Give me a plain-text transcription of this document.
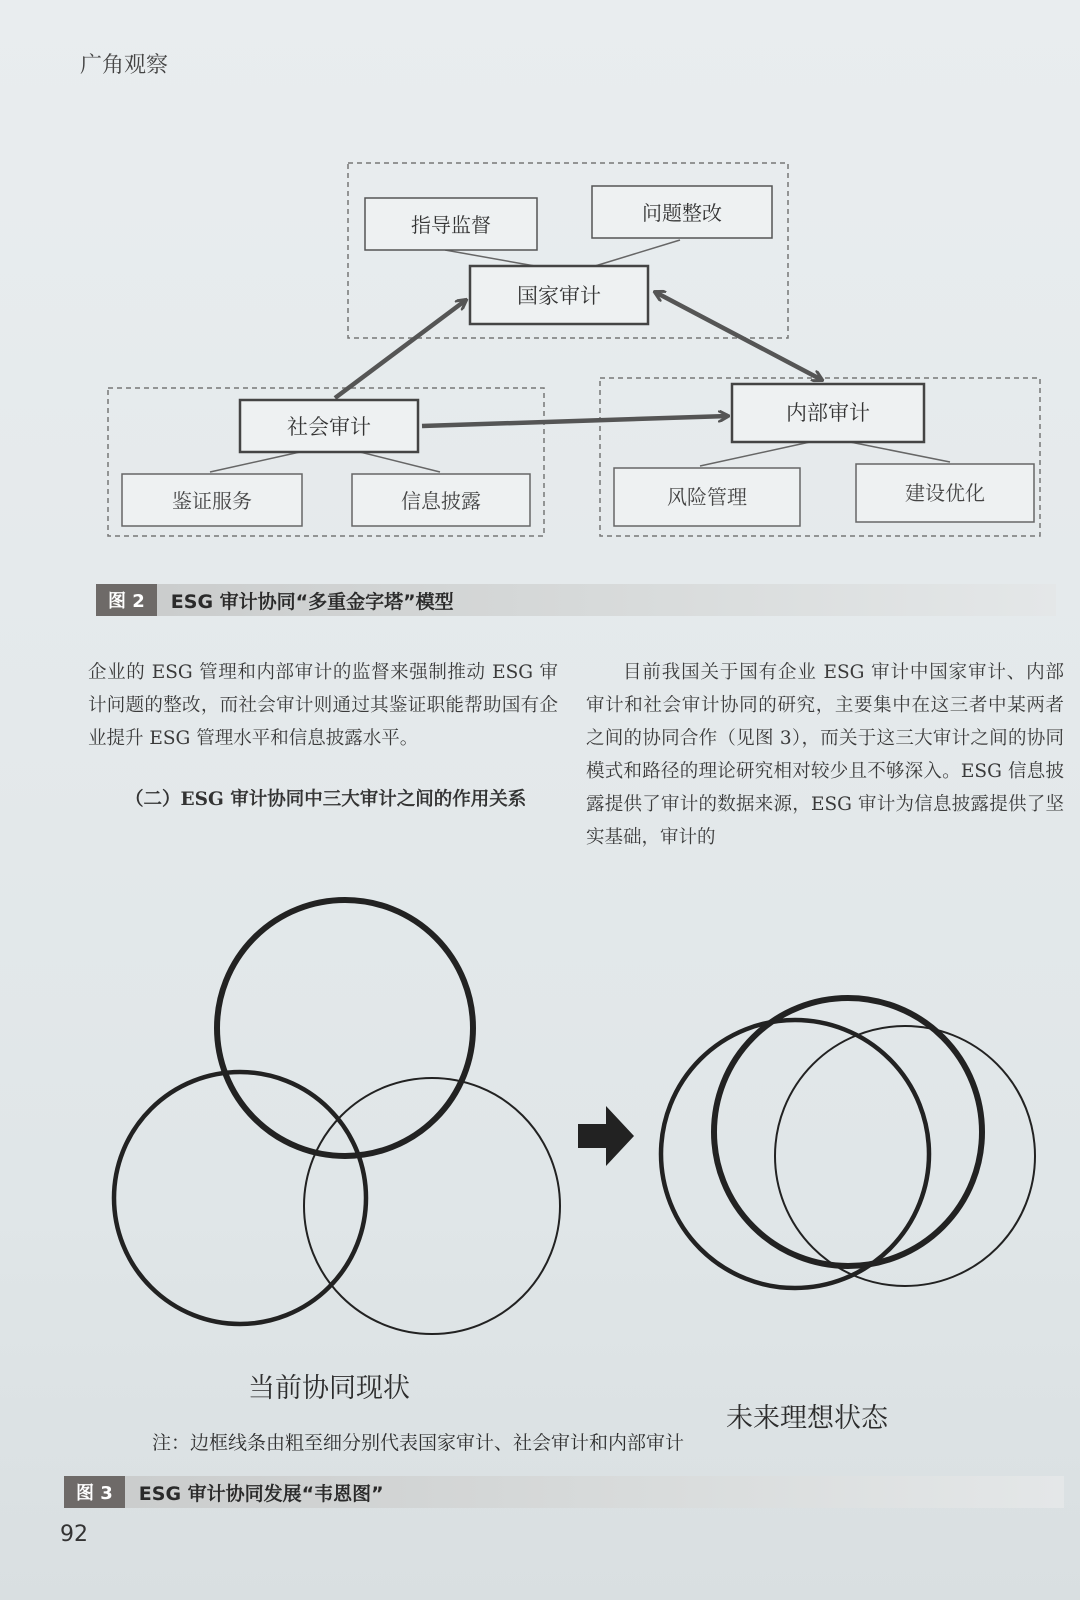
广角观察
指导监督	问题整改
国家审计
社会审计
内部审计
鉴证服务	信息披露	风险管理	建设优化
图 2	ESG 审计协同“多重金字塔”模型

企业的 ESG 管理和内部审计的监督来强制推动 ESG 审计问题的整改，而社会审计则通过其鉴证职能帮助国有企业提升 ESG 管理水平和信息披露水平。

（二）ESG 审计协同中三大审计之间的作用关系

目前我国关于国有企业 ESG 审计中国家审计、内部审计和社会审计协同的研究，主要集中在这三者中某两者之间的协同合作（见图 3），而关于这三大审计之间的协同模式和路径的理论研究相对较少且不够深入。ESG 信息披露提供了审计的数据来源，ESG 审计为信息披露提供了坚实基础，审计的

当前协同现状
未来理想状态
注：边框线条由粗至细分别代表国家审计、社会审计和内部审计
图 3	ESG 审计协同发展“韦恩图”
92
